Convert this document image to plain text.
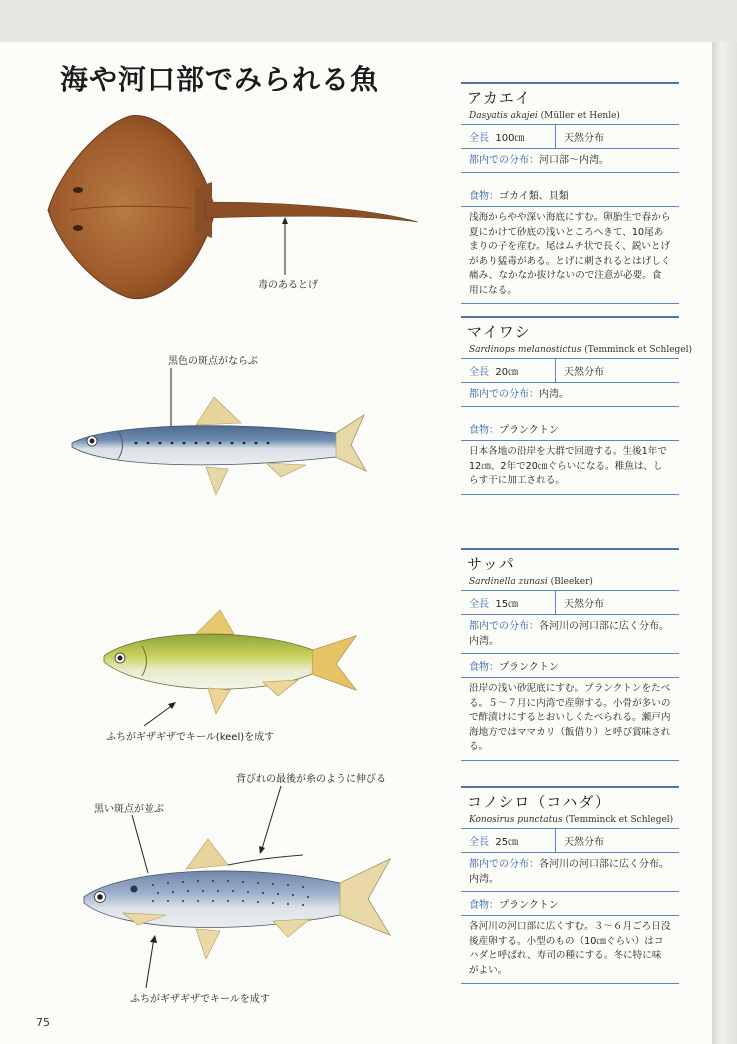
海や河口部でみられる魚
毒のあるとげ
黒色の斑点がならぶ
ふちがギザギザでキール(keel)を成す
背びれの最後が糸のように伸びる
黒い斑点が並ぶ
ふちがギザギザでキールを成す
アカエイ
Dasyatis akajei (Müller et Henle)
全長 100㎝	天然分布
都内での分布：河口部～内湾。
食物：ゴカイ類、貝類
浅海からやや深い海底にすむ。卵胎生で春から夏にかけて砂底の浅いところへきて、10尾あまりの子を産む。尾はムチ状で長く、鋭いとげがあり猛毒がある。とげに刺されるとはげしく痛み、なかなか抜けないので注意が必要。食用になる。
マイワシ
Sardinops melanostictus (Temminck et Schlegel)
全長 20㎝	天然分布
都内での分布：内湾。
食物：プランクトン
日本各地の沿岸を大群で回遊する。生後1年で12㎝、2年で20㎝ぐらいになる。稚魚は、しらす干に加工される。
サッパ
Sardinella zunasi (Bleeker)
全長 15㎝	天然分布
都内での分布：各河川の河口部に広く分布。内湾。
食物：プランクトン
沿岸の浅い砂泥底にすむ。プランクトンをたべる。５～７月に内湾で産卵する。小骨が多いので酢漬けにするとおいしくたべられる。瀬戸内海地方ではママカリ（飯借り）と呼び賞味される。
コノシロ（コハダ）
Konosirus punctatus (Temminck et Schlegel)
全長 25㎝	天然分布
都内での分布：各河川の河口部に広く分布。内湾。
食物：プランクトン
各河川の河口部に広くすむ。３～６月ごろ日没後産卵する。小型のもの（10㎝ぐらい）はコハダと呼ばれ、寿司の種にする。冬に特に味がよい。
75
